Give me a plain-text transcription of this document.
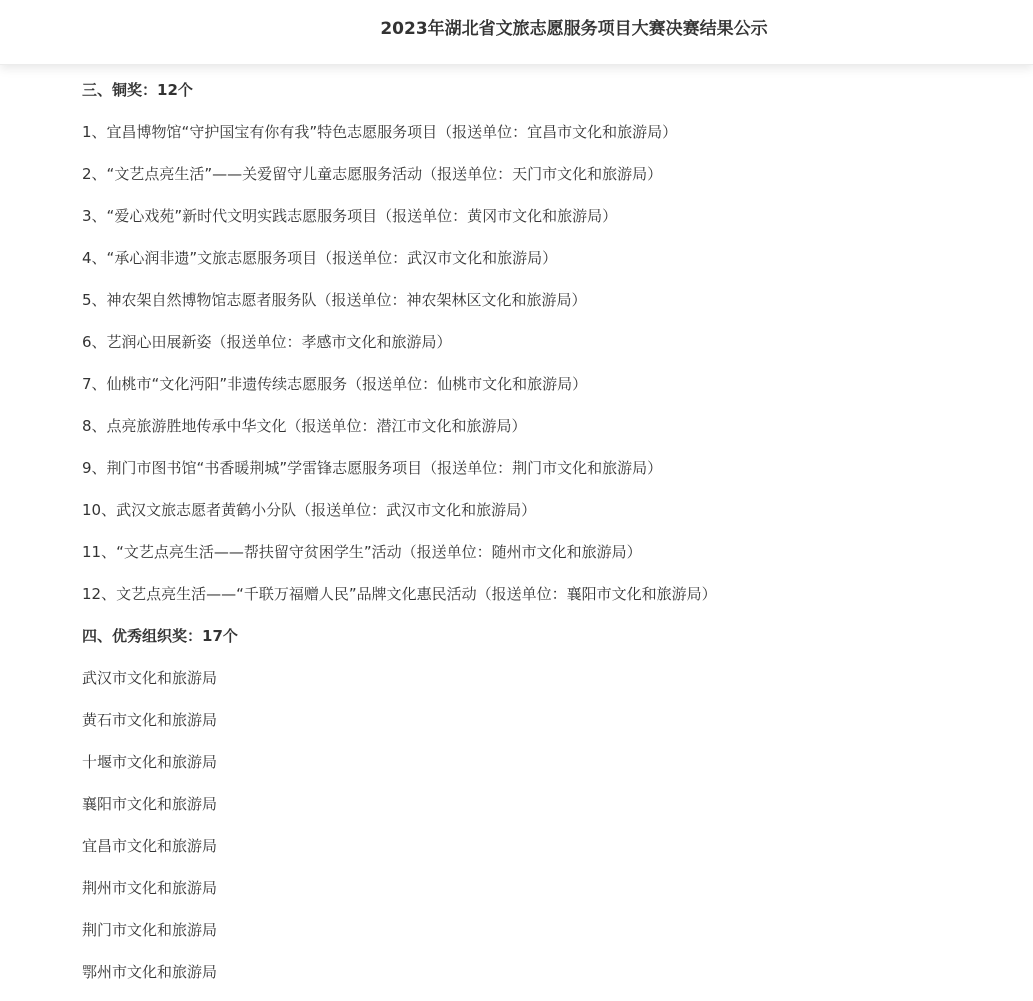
2023年湖北省文旅志愿服务项目大赛决赛结果公示
三、铜奖：12个
1、宜昌博物馆“守护国宝有你有我”特色志愿服务项目（报送单位：宜昌市文化和旅游局）
2、“文艺点亮生活”——关爱留守儿童志愿服务活动（报送单位：天门市文化和旅游局）
3、“爱心戏苑”新时代文明实践志愿服务项目（报送单位：黄冈市文化和旅游局）
4、“承心润非遗”文旅志愿服务项目（报送单位：武汉市文化和旅游局）
5、神农架自然博物馆志愿者服务队（报送单位：神农架林区文化和旅游局）
6、艺润心田展新姿（报送单位：孝感市文化和旅游局）
7、仙桃市“文化沔阳”非遗传续志愿服务（报送单位：仙桃市文化和旅游局）
8、点亮旅游胜地传承中华文化（报送单位：潜江市文化和旅游局）
9、荆门市图书馆“书香暖荆城”学雷锋志愿服务项目（报送单位：荆门市文化和旅游局）
10、武汉文旅志愿者黄鹤小分队（报送单位：武汉市文化和旅游局）
11、“文艺点亮生活——帮扶留守贫困学生”活动（报送单位：随州市文化和旅游局）
12、文艺点亮生活——“千联万福赠人民”品牌文化惠民活动（报送单位：襄阳市文化和旅游局）
四、优秀组织奖：17个
武汉市文化和旅游局
黄石市文化和旅游局
十堰市文化和旅游局
襄阳市文化和旅游局
宜昌市文化和旅游局
荆州市文化和旅游局
荆门市文化和旅游局
鄂州市文化和旅游局
